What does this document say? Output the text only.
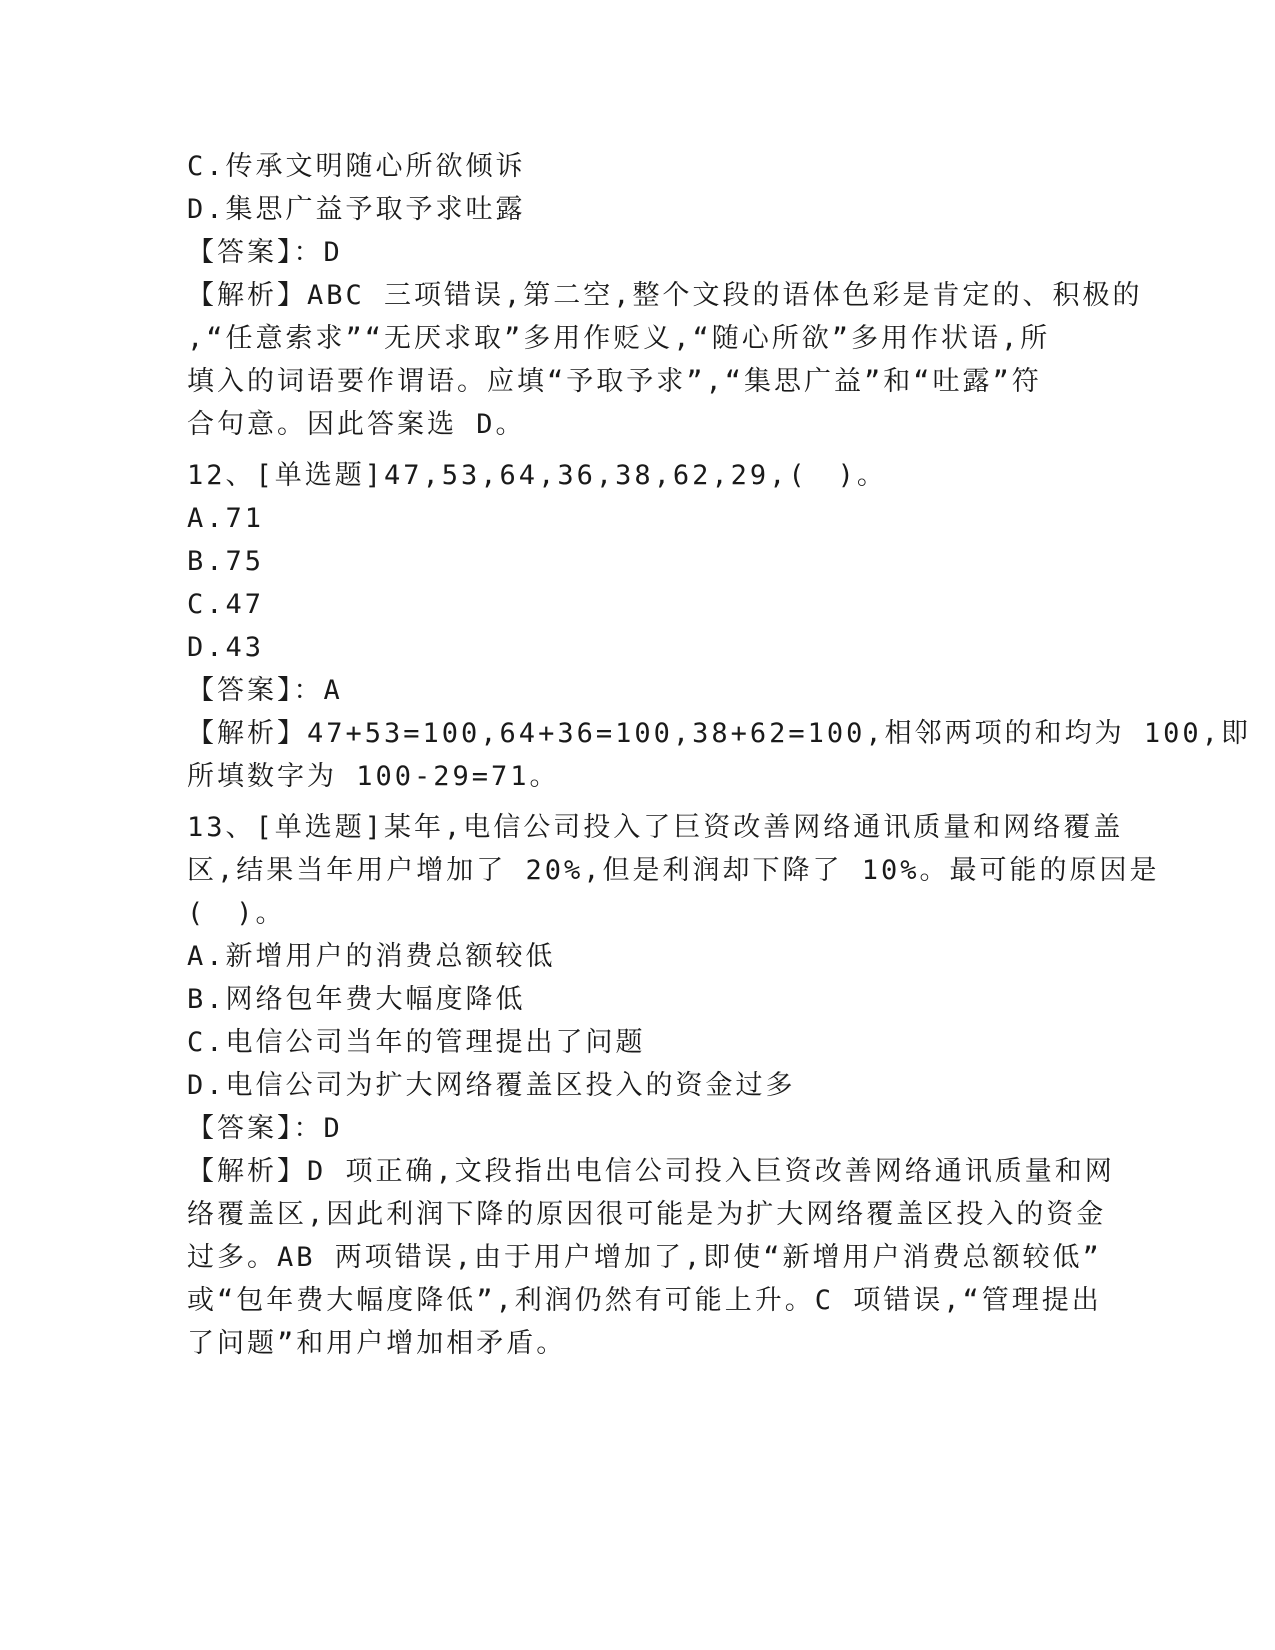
C.传承文明随心所欲倾诉
D.集思广益予取予求吐露
【答案】：D
【解析】ABC 三项错误,第二空,整个文段的语体色彩是肯定的、积极的
,“任意索求”“无厌求取”多用作贬义,“随心所欲”多用作状语,所
填入的词语要作谓语。应填“予取予求”,“集思广益”和“吐露”符
合句意。因此答案选 D。
12、[单选题]47,53,64,36,38,62,29,(　)。
A.71
B.75
C.47
D.43
【答案】：A
【解析】47+53=100,64+36=100,38+62=100,相邻两项的和均为 100,即
所填数字为 100-29=71。
13、[单选题]某年,电信公司投入了巨资改善网络通讯质量和网络覆盖
区,结果当年用户增加了 20%,但是利润却下降了 10%。最可能的原因是
(　)。
A.新增用户的消费总额较低
B.网络包年费大幅度降低
C.电信公司当年的管理提出了问题
D.电信公司为扩大网络覆盖区投入的资金过多
【答案】：D
【解析】D 项正确,文段指出电信公司投入巨资改善网络通讯质量和网
络覆盖区,因此利润下降的原因很可能是为扩大网络覆盖区投入的资金
过多。AB 两项错误,由于用户增加了,即使“新增用户消费总额较低”
或“包年费大幅度降低”,利润仍然有可能上升。C 项错误,“管理提出
了问题”和用户增加相矛盾。
